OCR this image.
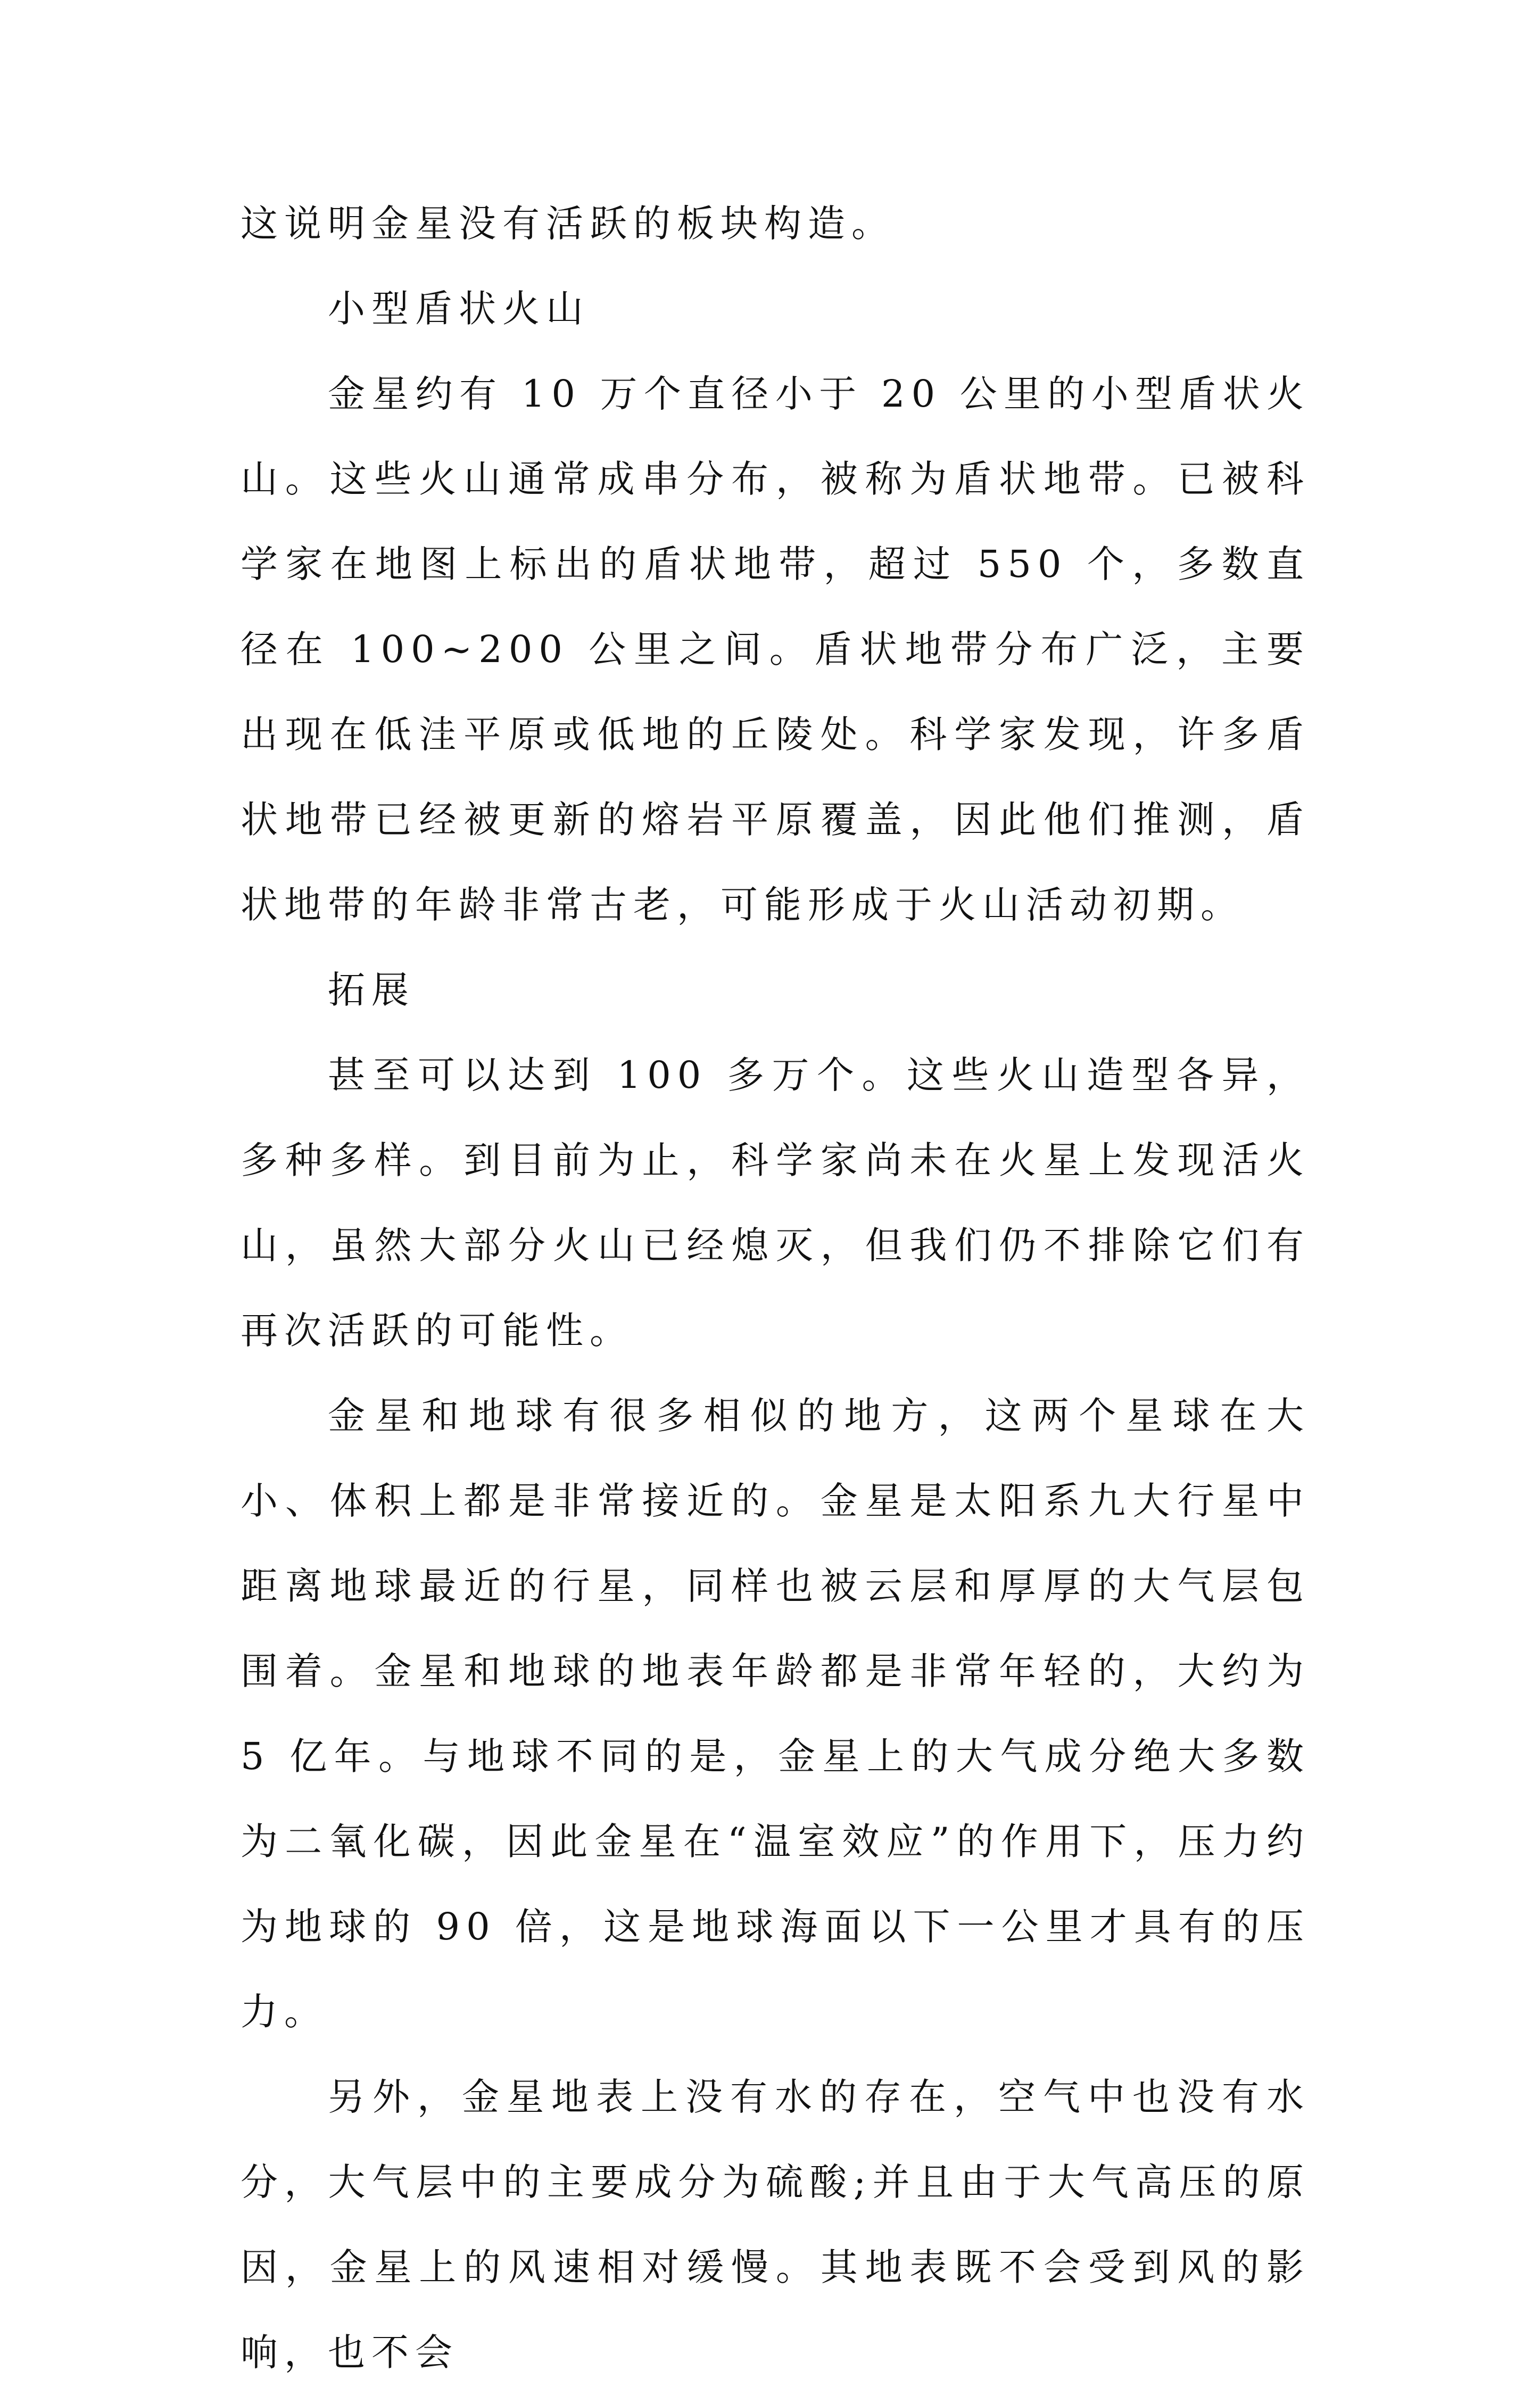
这说明金星没有活跃的板块构造。

小型盾状火山

金星约有 10 万个直径小于 20 公里的小型盾状火山。这些火山通常成串分布，被称为盾状地带。已被科学家在地图上标出的盾状地带，超过 550 个，多数直径在 100~200 公里之间。盾状地带分布广泛，主要出现在低洼平原或低地的丘陵处。科学家发现，许多盾状地带已经被更新的熔岩平原覆盖，因此他们推测，盾状地带的年龄非常古老，可能形成于火山活动初期。

拓展

甚至可以达到 100 多万个。这些火山造型各异，多种多样。到目前为止，科学家尚未在火星上发现活火山，虽然大部分火山已经熄灭，但我们仍不排除它们有再次活跃的可能性。

金星和地球有很多相似的地方，这两个星球在大小、体积上都是非常接近的。金星是太阳系九大行星中距离地球最近的行星，同样也被云层和厚厚的大气层包围着。金星和地球的地表年龄都是非常年轻的，大约为 5 亿年。与地球不同的是，金星上的大气成分绝大多数为二氧化碳，因此金星在“温室效应”的作用下，压力约为地球的 90 倍，这是地球海面以下一公里才具有的压力。

另外，金星地表上没有水的存在，空气中也没有水分，大气层中的主要成分为硫酸;并且由于大气高压的原因，金星上的风速相对缓慢。其地表既不会受到风的影响，也不会
